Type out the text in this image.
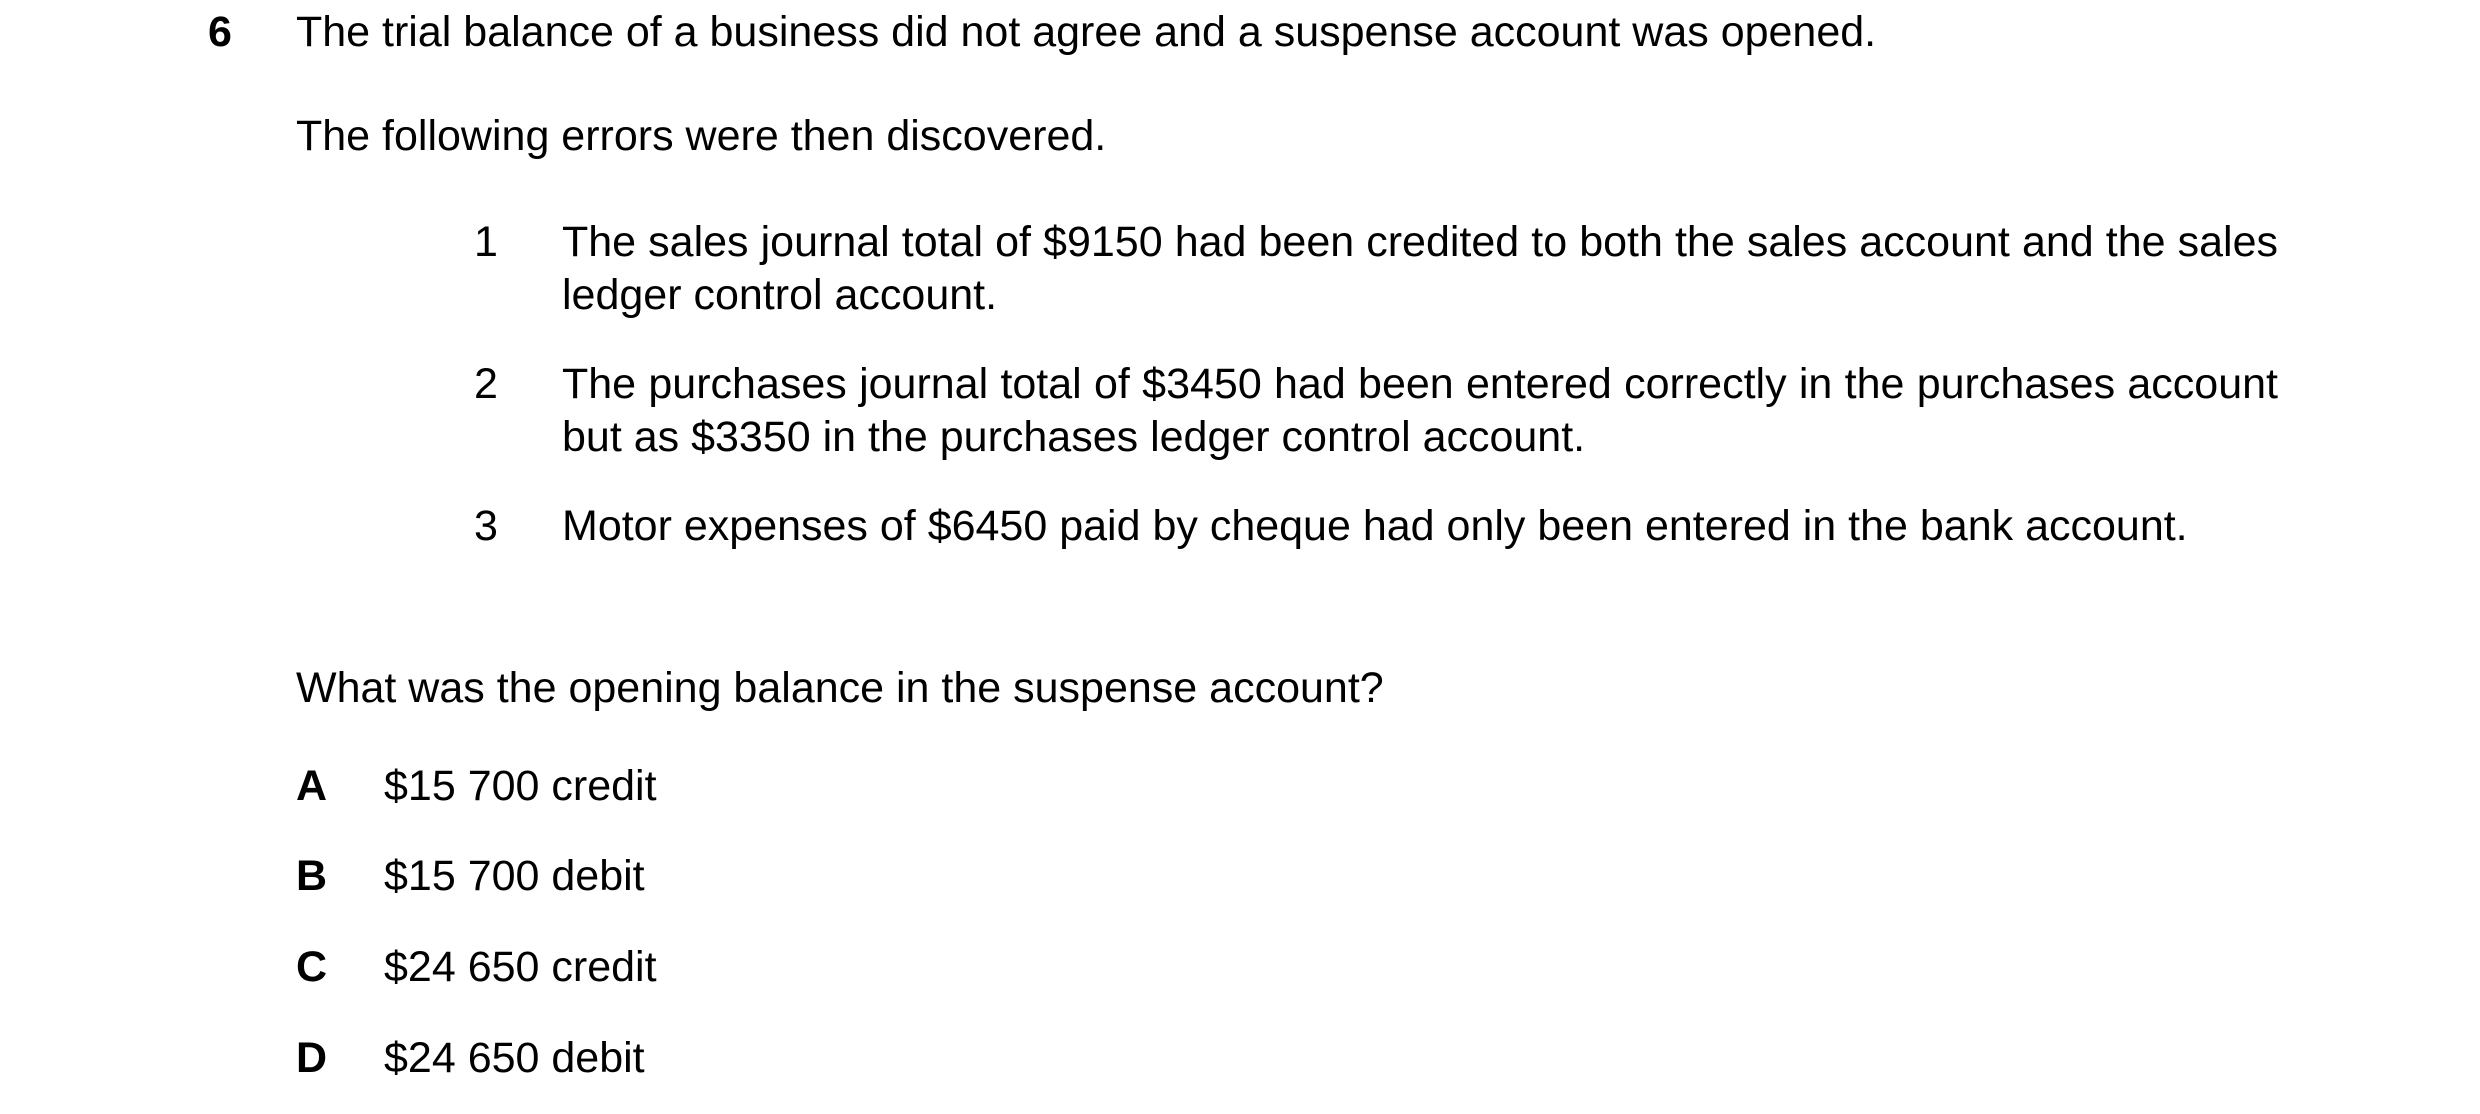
6 The trial balance of a business did not agree and a suspense account was opened.
The following errors were then discovered.
1 The sales journal total of $9150 had been credited to both the sales account and the sales ledger control account.
2 The purchases journal total of $3450 had been entered correctly in the purchases account but as $3350 in the purchases ledger control account.
3 Motor expenses of $6450 paid by cheque had only been entered in the bank account.
What was the opening balance in the suspense account?
A $15 700 credit
B $15 700 debit
C $24 650 credit
D $24 650 debit
